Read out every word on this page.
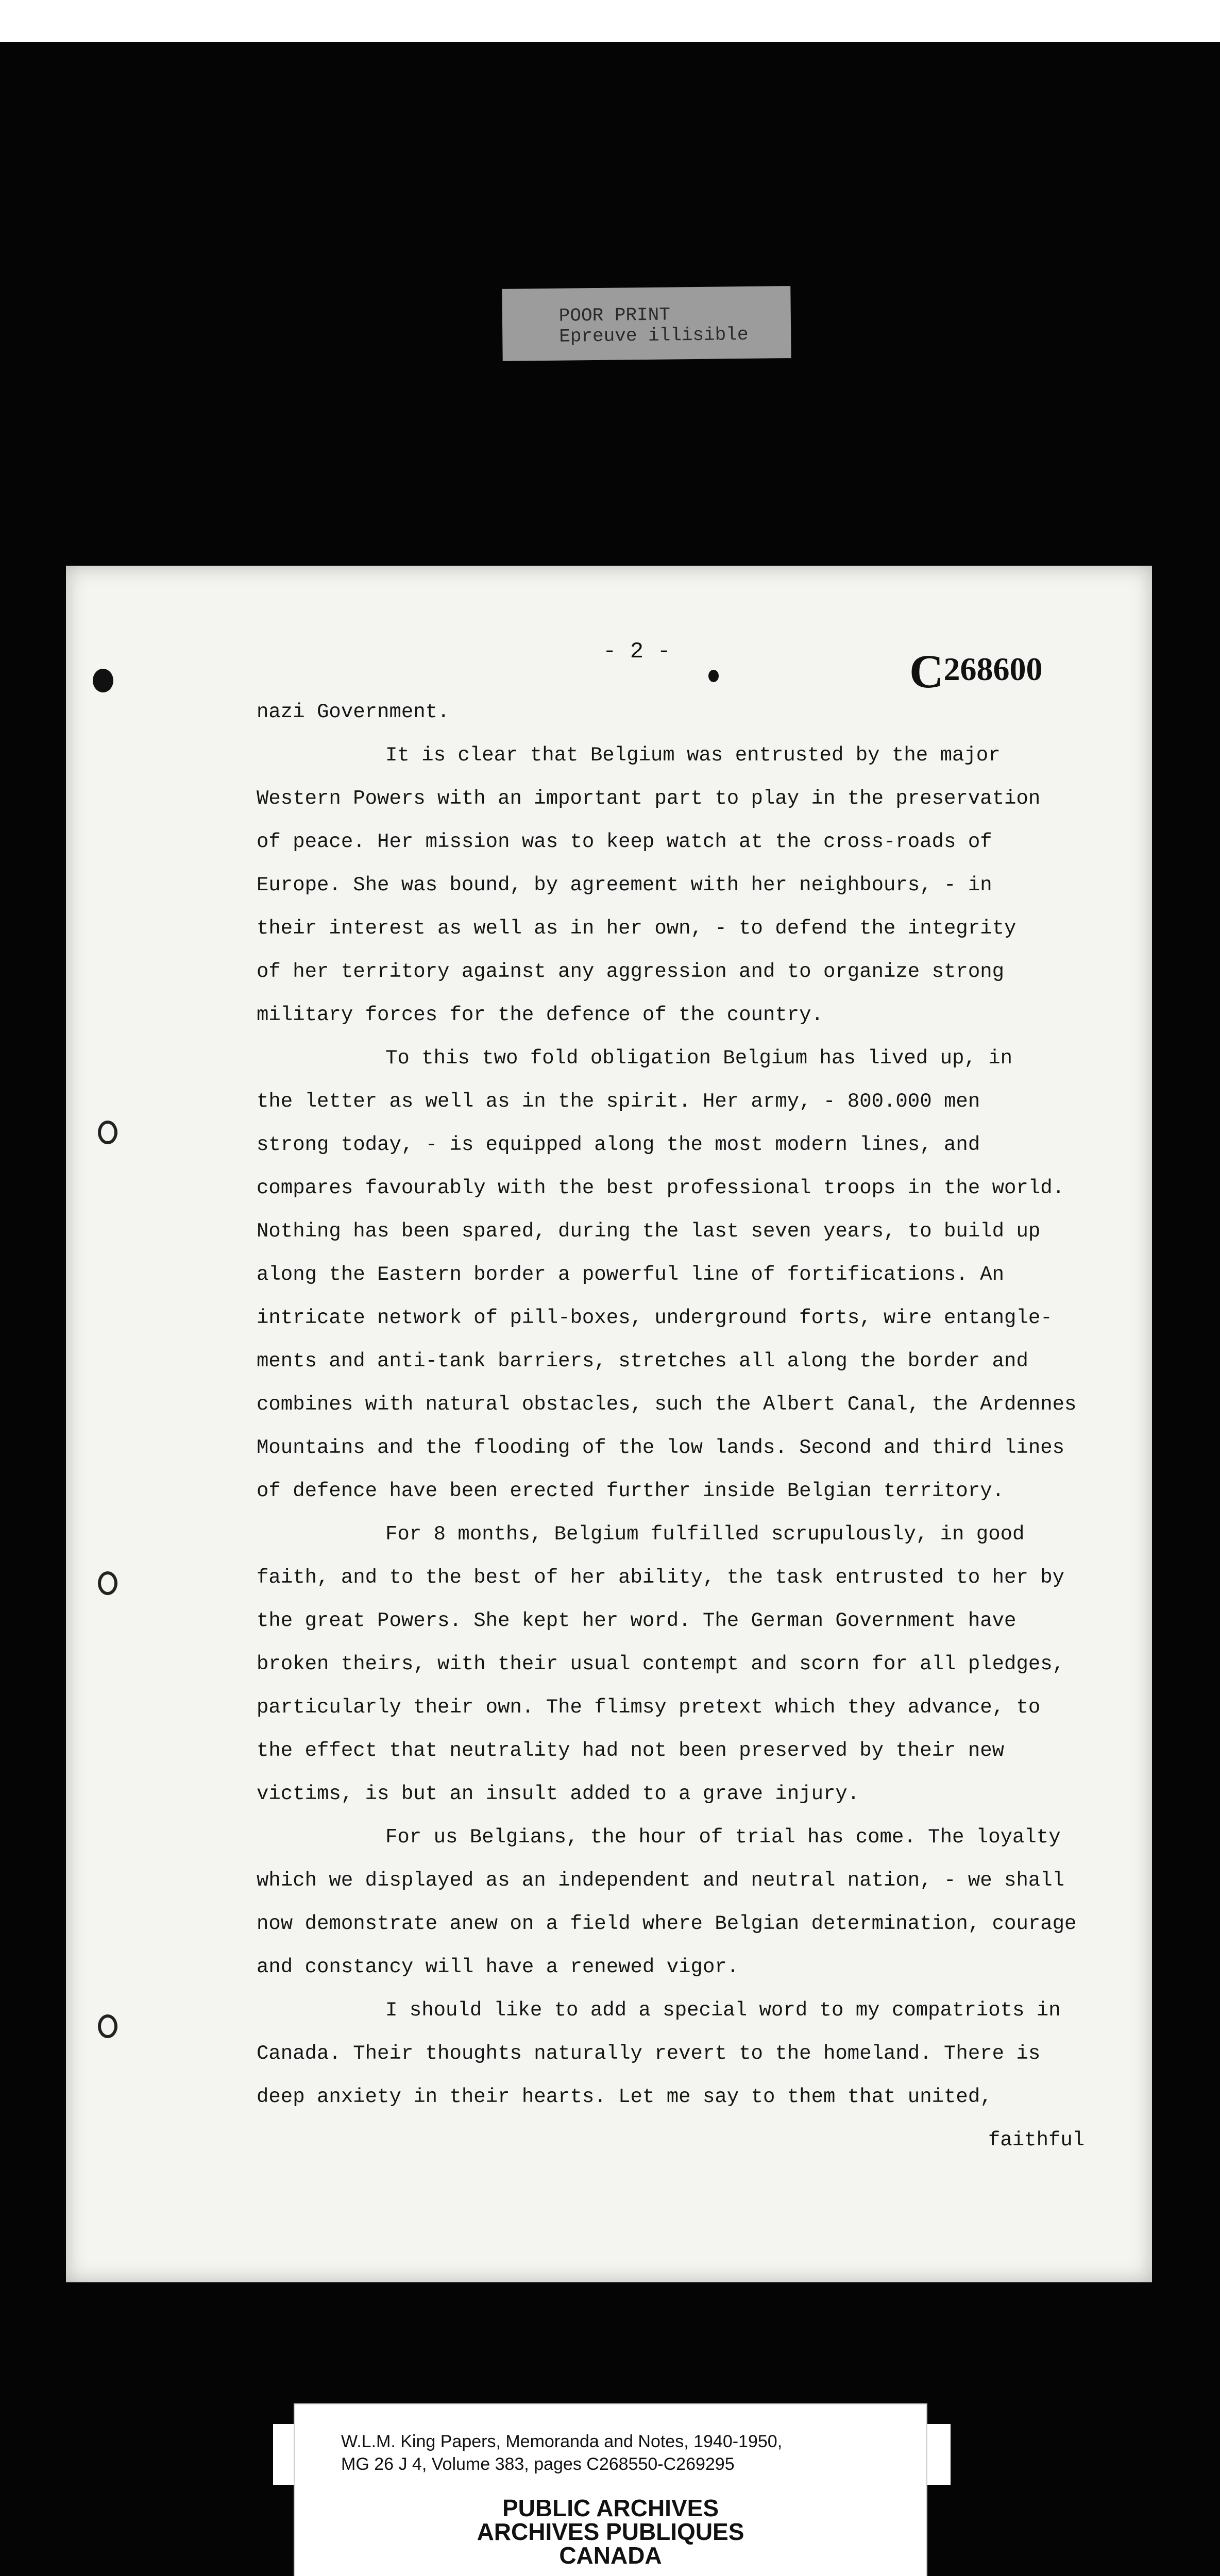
POOR PRINT
Epreuve illisible
- 2 -	C268600
nazi Government.
It is clear that Belgium was entrusted by the major
Western Powers with an important part to play in the preservation
of peace. Her mission was to keep watch at the cross-roads of
Europe. She was bound, by agreement with her neighbours, - in
their interest as well as in her own, - to defend the integrity
of her territory against any aggression and to organize strong
military forces for the defence of the country.
To this two fold obligation Belgium has lived up, in
the letter as well as in the spirit. Her army, - 800.000 men
strong today, - is equipped along the most modern lines, and
compares favourably with the best professional troops in the world.
Nothing has been spared, during the last seven years, to build up
along the Eastern border a powerful line of fortifications. An
intricate network of pill-boxes, underground forts, wire entangle-
ments and anti-tank barriers, stretches all along the border and
combines with natural obstacles, such the Albert Canal, the Ardennes
Mountains and the flooding of the low lands. Second and third lines
of defence have been erected further inside Belgian territory.
For 8 months, Belgium fulfilled scrupulously, in good
faith, and to the best of her ability, the task entrusted to her by
the great Powers. She kept her word. The German Government have
broken theirs, with their usual contempt and scorn for all pledges,
particularly their own. The flimsy pretext which they advance, to
the effect that neutrality had not been preserved by their new
victims, is but an insult added to a grave injury.
For us Belgians, the hour of trial has come. The loyalty
which we displayed as an independent and neutral nation, - we shall
now demonstrate anew on a field where Belgian determination, courage
and constancy will have a renewed vigor.
I should like to add a special word to my compatriots in
Canada. Their thoughts naturally revert to the homeland. There is
deep anxiety in their hearts. Let me say to them that united,
faithful
W.L.M. King Papers, Memoranda and Notes, 1940-1950,
MG 26 J 4, Volume 383, pages C268550-C269295
PUBLIC ARCHIVES
ARCHIVES PUBLIQUES
CANADA
